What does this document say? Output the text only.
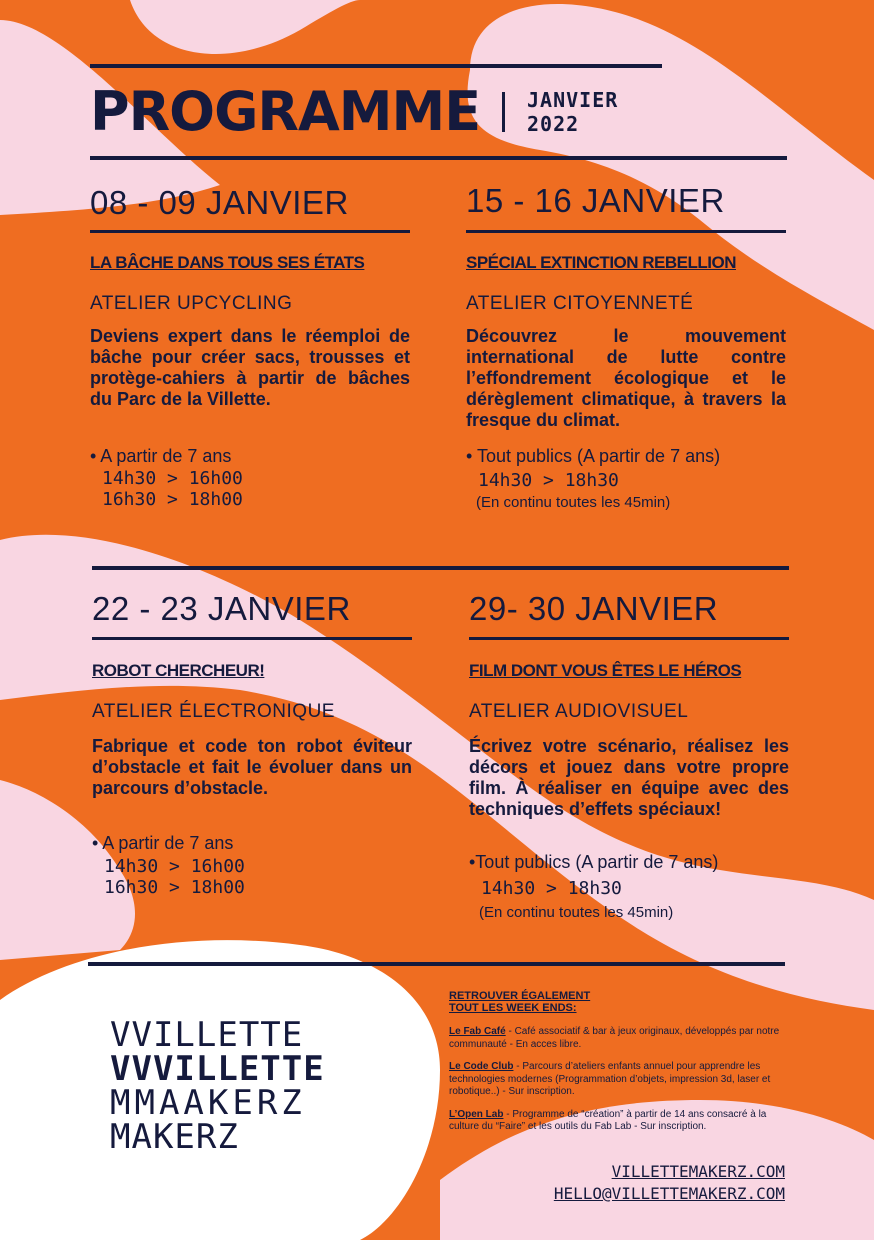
PROGRAMME JANVIER
2022
08 - 09 JANVIER
LA BÂCHE DANS TOUS SES ÉTATS
ATELIER UPCYCLING
Deviens expert dans le réemploi de bâche pour créer sacs, trousses et protège-cahiers à partir de bâches du Parc de la Villette.
• A partir de 7 ans
14h30 > 16h00
16h30 > 18h00
15 - 16 JANVIER
SPÉCIAL EXTINCTION REBELLION
ATELIER CITOYENNETÉ
Découvrez le mouvement international de lutte contre l’effondrement écologique et le dérèglement climatique, à travers la fresque du climat.
• Tout publics (A partir de 7 ans)
14h30 > 18h30
(En continu toutes les 45min)
22 - 23 JANVIER
ROBOT CHERCHEUR!
ATELIER ÉLECTRONIQUE
Fabrique et code ton robot éviteur d’obstacle et fait le évoluer dans un parcours d’obstacle.
• A partir de 7 ans
14h30 > 16h00
16h30 > 18h00
29- 30 JANVIER
FILM DONT VOUS ÊTES LE HÉROS
ATELIER AUDIOVISUEL
Écrivez votre scénario, réalisez les décors et jouez dans votre propre film. À réaliser en équipe avec des techniques d’effets spéciaux!
•Tout publics (A partir de 7 ans)
14h30 > 18h30
(En continu toutes les 45min)
VVILLETTE
VVVILLETTE
MMAAKERZ
MAKERZ
RETROUVER ÉGALEMENT
TOUT LES WEEK ENDS:
Le Fab Café - Café associatif & bar à jeux originaux, développés par notre communauté - En acces libre.
Le Code Club - Parcours d’ateliers enfants annuel pour apprendre les technologies modernes (Programmation d’objets, impression 3d, laser et robotique..) - Sur inscription.
L’Open Lab - Programme de “création” à partir de 14 ans consacré à la culture du “Faire” et les outils du Fab Lab - Sur inscription.
VILLETTEMAKERZ.COM
HELLO@VILLETTEMAKERZ.COM
